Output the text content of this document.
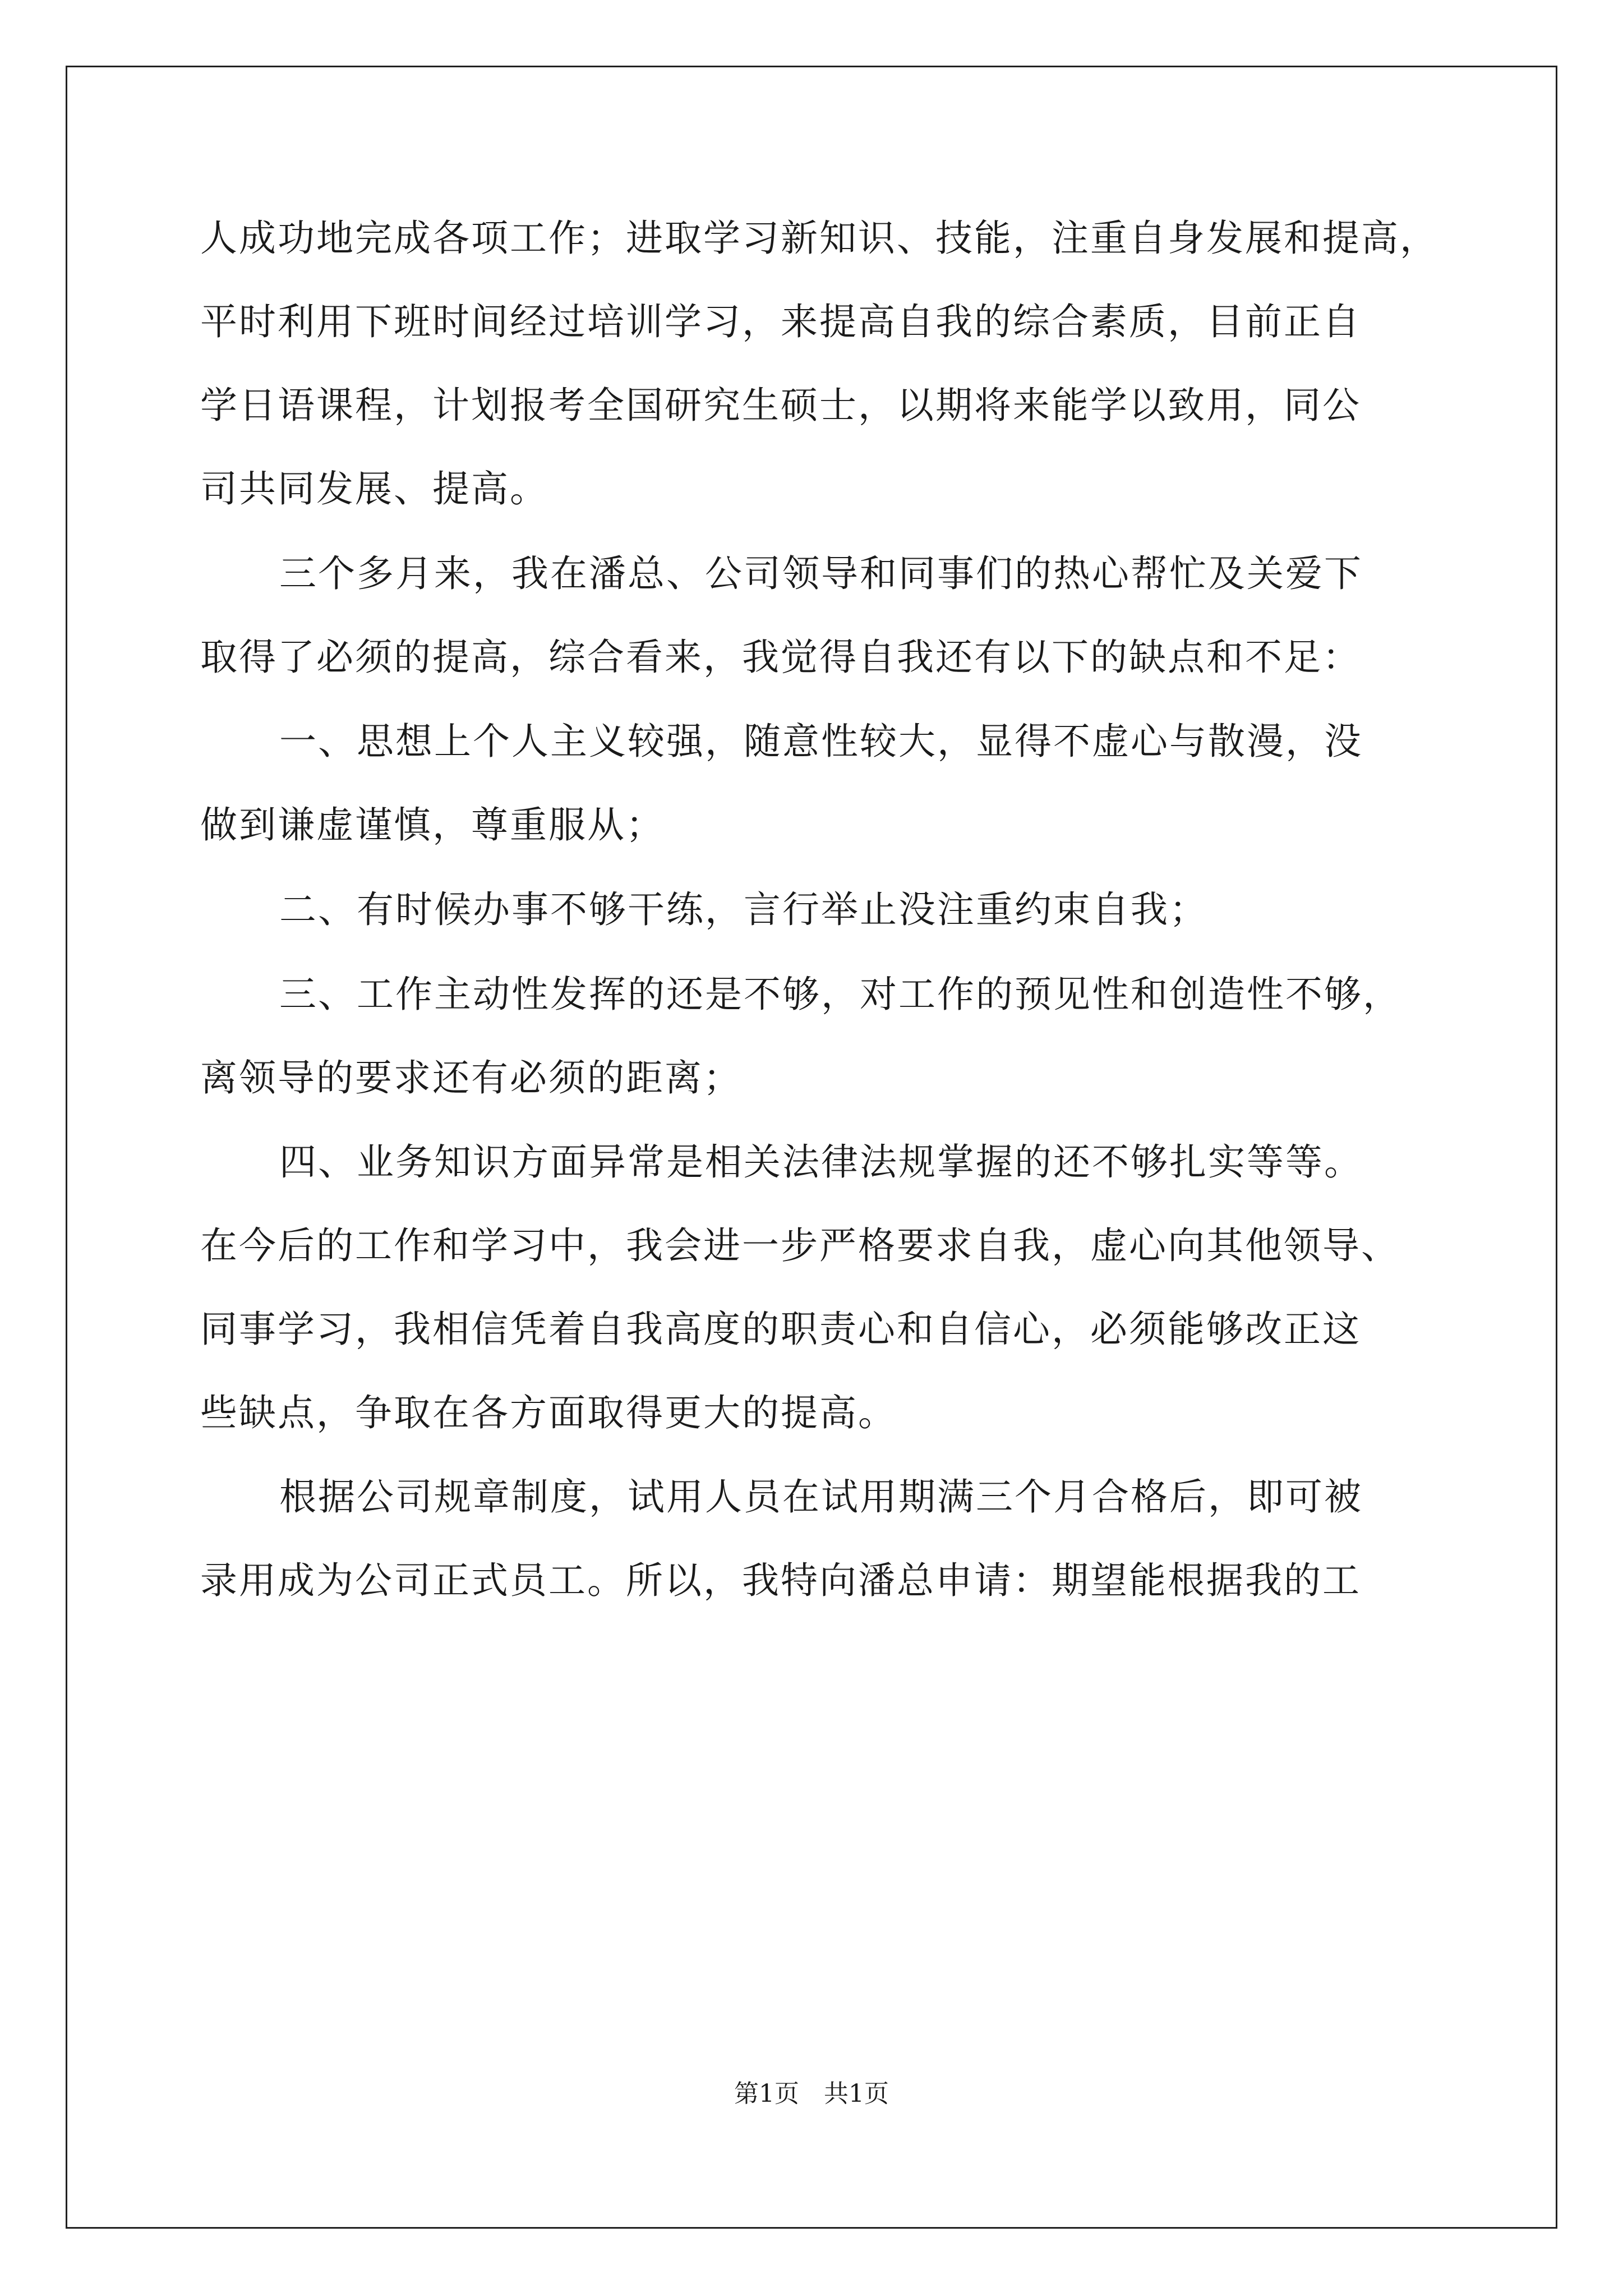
人成功地完成各项工作；进取学习新知识、技能，注重自身发展和提高，
平时利用下班时间经过培训学习，来提高自我的综合素质，目前正自
学日语课程，计划报考全国研究生硕士，以期将来能学以致用，同公
司共同发展、提高。
三个多月来，我在潘总、公司领导和同事们的热心帮忙及关爱下
取得了必须的提高，综合看来，我觉得自我还有以下的缺点和不足：
一、思想上个人主义较强，随意性较大，显得不虚心与散漫，没
做到谦虚谨慎，尊重服从；
二、有时候办事不够干练，言行举止没注重约束自我；
三、工作主动性发挥的还是不够，对工作的预见性和创造性不够，
离领导的要求还有必须的距离；
四、业务知识方面异常是相关法律法规掌握的还不够扎实等等。
在今后的工作和学习中，我会进一步严格要求自我，虚心向其他领导、
同事学习，我相信凭着自我高度的职责心和自信心，必须能够改正这
些缺点，争取在各方面取得更大的提高。
根据公司规章制度，试用人员在试用期满三个月合格后，即可被
录用成为公司正式员工。所以，我特向潘总申请：期望能根据我的工
第1页 共1页
